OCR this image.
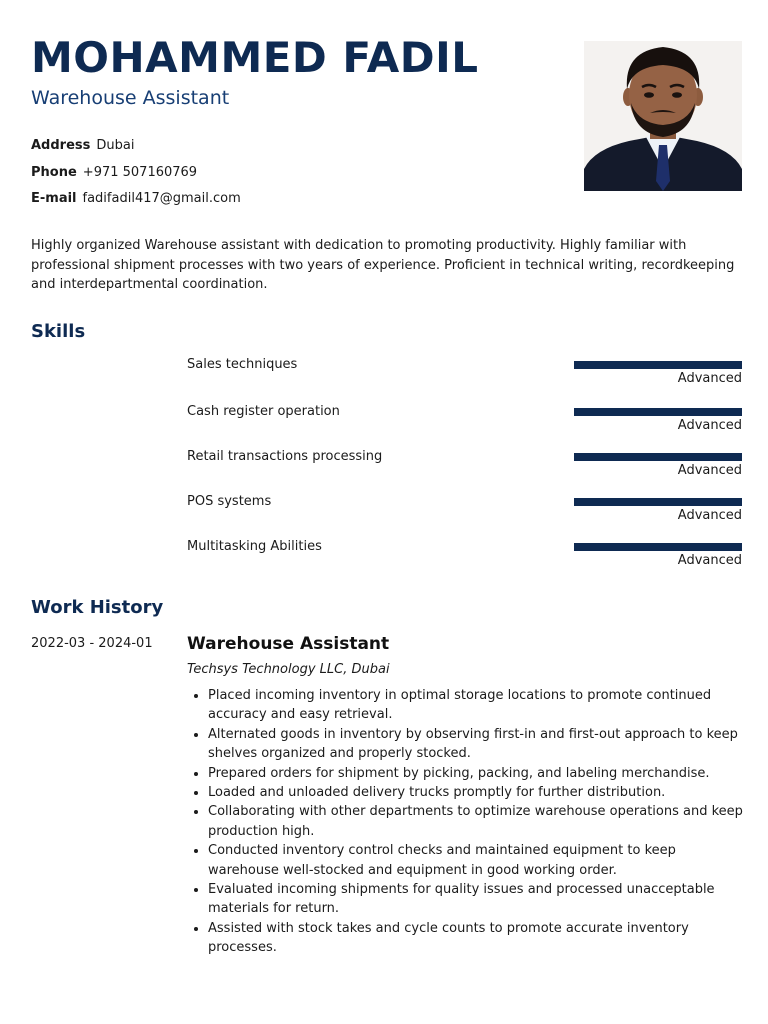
MOHAMMED FADIL
Warehouse Assistant
Address Dubai
Phone +971 507160769
E-mail fadifadil417@gmail.com

Highly organized Warehouse assistant with dedication to promoting productivity. Highly familiar with professional shipment processes with two years of experience. Proficient in technical writing, recordkeeping and interdepartmental coordination.

Skills
Sales techniques
Advanced
Cash register operation
Advanced
Retail transactions processing
Advanced
POS systems
Advanced
Multitasking Abilities
Advanced
Work History
2022-03 - 2024-01 Warehouse Assistant
Techsys Technology LLC, Dubai
• Placed incoming inventory in optimal storage locations to promote continued accuracy and easy retrieval.
• Alternated goods in inventory by observing first-in and first-out approach to keep shelves organized and properly stocked.
• Prepared orders for shipment by picking, packing, and labeling merchandise.
• Loaded and unloaded delivery trucks promptly for further distribution.
• Collaborating with other departments to optimize warehouse operations and keep production high.
• Conducted inventory control checks and maintained equipment to keep warehouse well-stocked and equipment in good working order.
• Evaluated incoming shipments for quality issues and processed unacceptable materials for return.
• Assisted with stock takes and cycle counts to promote accurate inventory processes.
